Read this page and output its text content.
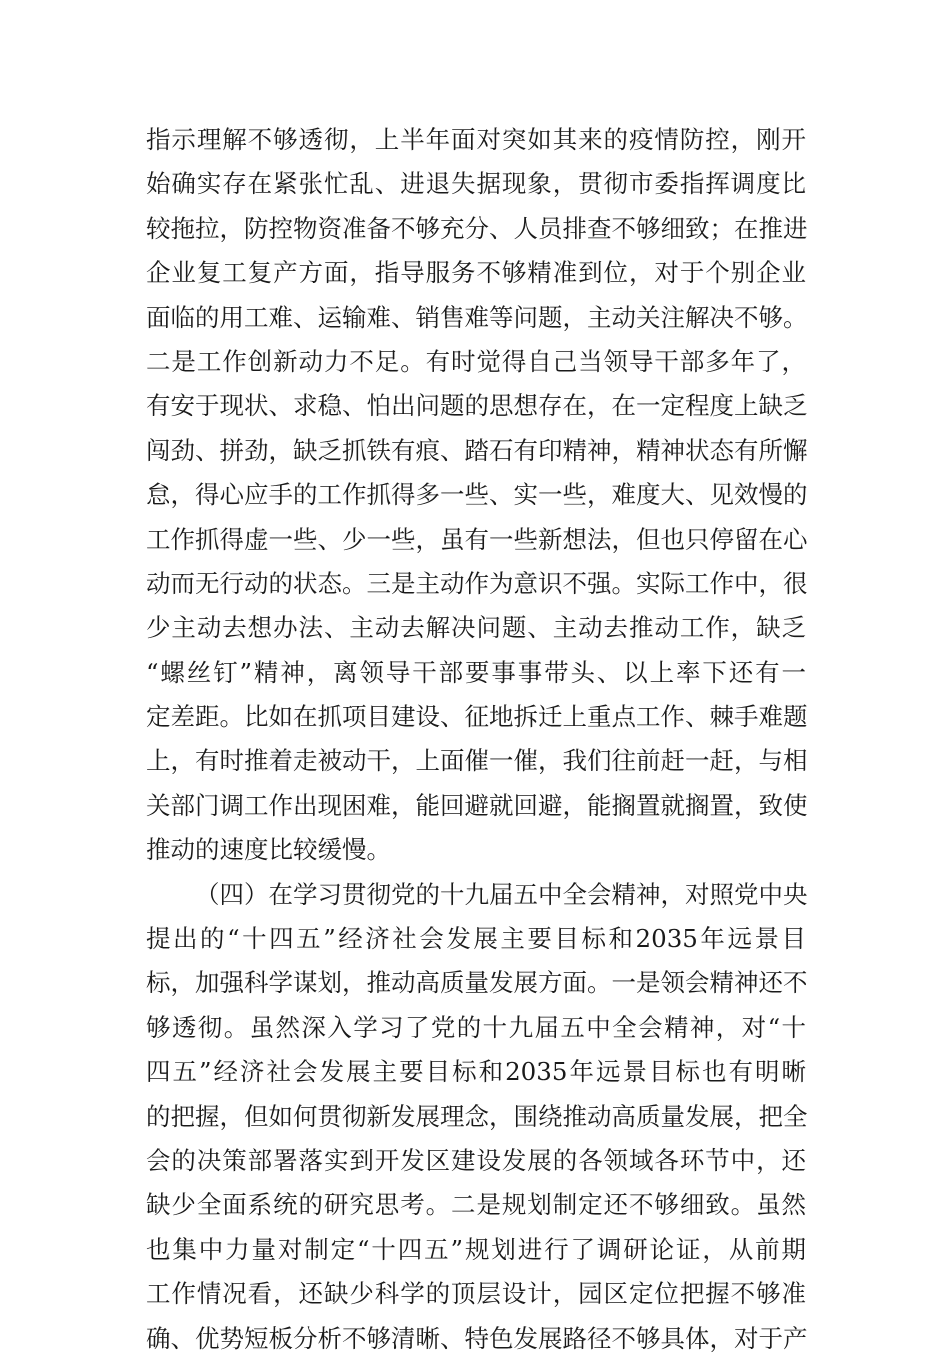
指示理解不够透彻，上半年面对突如其来的疫情防控，刚开
始确实存在紧张忙乱、进退失据现象，贯彻市委指挥调度比
较拖拉，防控物资准备不够充分、人员排查不够细致；在推进
企业复工复产方面，指导服务不够精准到位，对于个别企业
面临的用工难、运输难、销售难等问题，主动关注解决不够。
二是工作创新动力不足。有时觉得自己当领导干部多年了，
有安于现状、求稳、怕出问题的思想存在，在一定程度上缺乏
闯劲、拼劲，缺乏抓铁有痕、踏石有印精神，精神状态有所懈
怠，得心应手的工作抓得多一些、实一些，难度大、见效慢的
工作抓得虚一些、少一些，虽有一些新想法，但也只停留在心
动而无行动的状态。三是主动作为意识不强。实际工作中，很
少主动去想办法、主动去解决问题、主动去推动工作，缺乏
“螺丝钉”精神，离领导干部要事事带头、以上率下还有一
定差距。比如在抓项目建设、征地拆迁上重点工作、棘手难题
上，有时推着走被动干，上面催一催，我们往前赶一赶，与相
关部门调工作出现困难，能回避就回避，能搁置就搁置，致使
推动的速度比较缓慢。
（四）在学习贯彻党的十九届五中全会精神，对照党中央
提出的“十四五”经济社会发展主要目标和2035年远景目
标，加强科学谋划，推动高质量发展方面。一是领会精神还不
够透彻。虽然深入学习了党的十九届五中全会精神，对“十
四五”经济社会发展主要目标和2035年远景目标也有明晰
的把握，但如何贯彻新发展理念，围绕推动高质量发展，把全
会的决策部署落实到开发区建设发展的各领域各环节中，还
缺少全面系统的研究思考。二是规划制定还不够细致。虽然
也集中力量对制定“十四五”规划进行了调研论证，从前期
工作情况看，还缺少科学的顶层设计，园区定位把握不够准
确、优势短板分析不够清晰、特色发展路径不够具体，对于产
